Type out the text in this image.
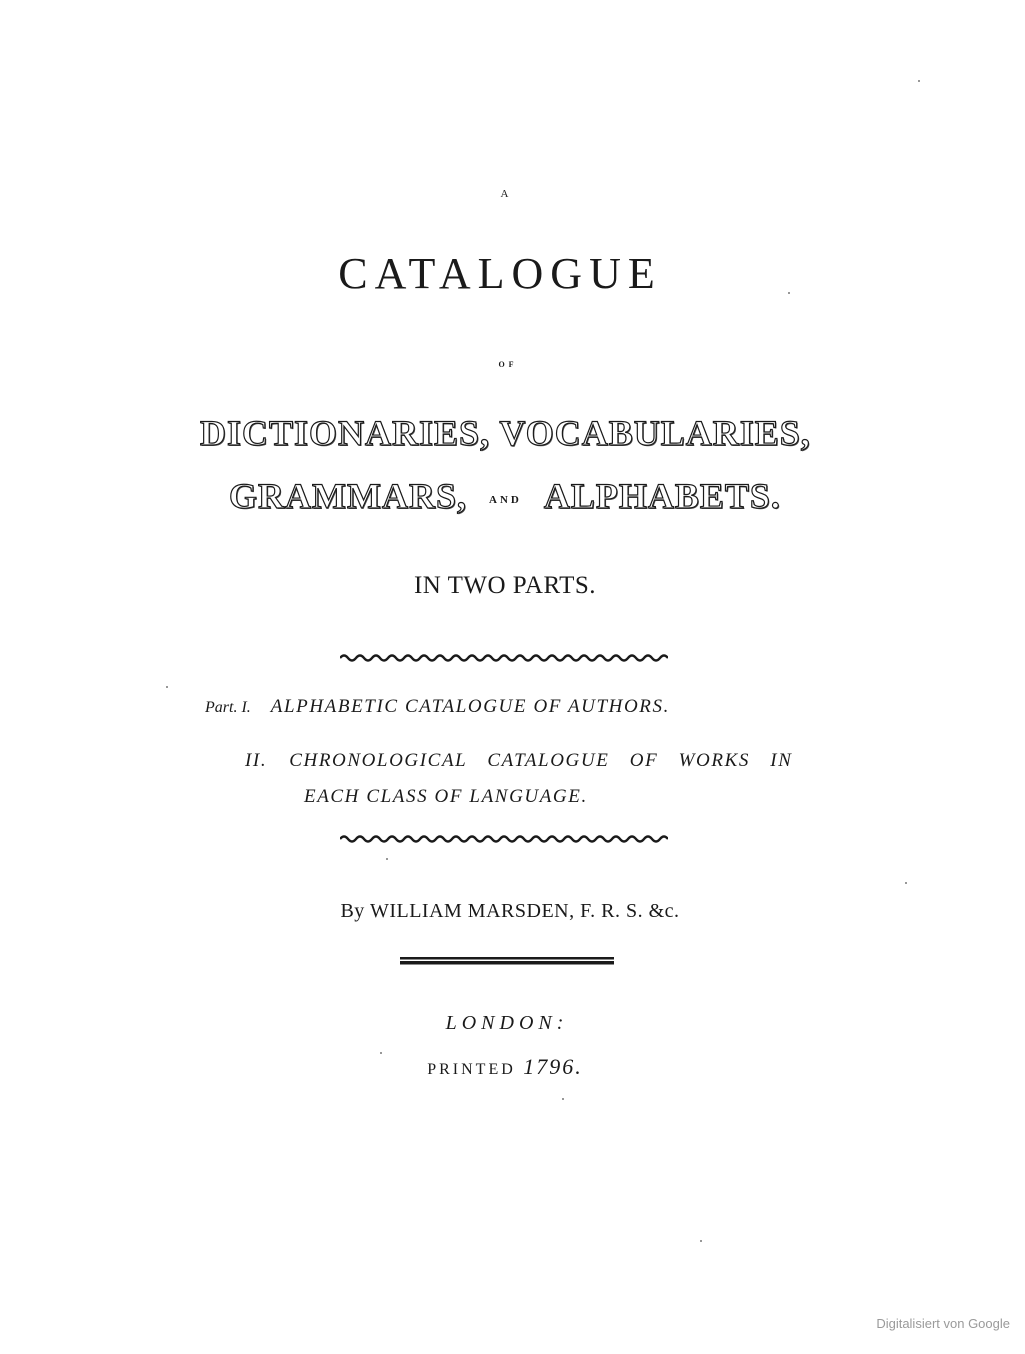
A
CATALOGUE
OF
DICTIONARIES, VOCABULARIES,
GRAMMARS, AND ALPHABETS.
IN TWO PARTS.
Part. I. ALPHABETIC CATALOGUE OF AUTHORS.
II. CHRONOLOGICAL CATALOGUE OF WORKS IN
EACH CLASS OF LANGUAGE.
By WILLIAM MARSDEN, F. R. S. &c.
LONDON:
PRINTED 1796.
Digitalisiert von Google
